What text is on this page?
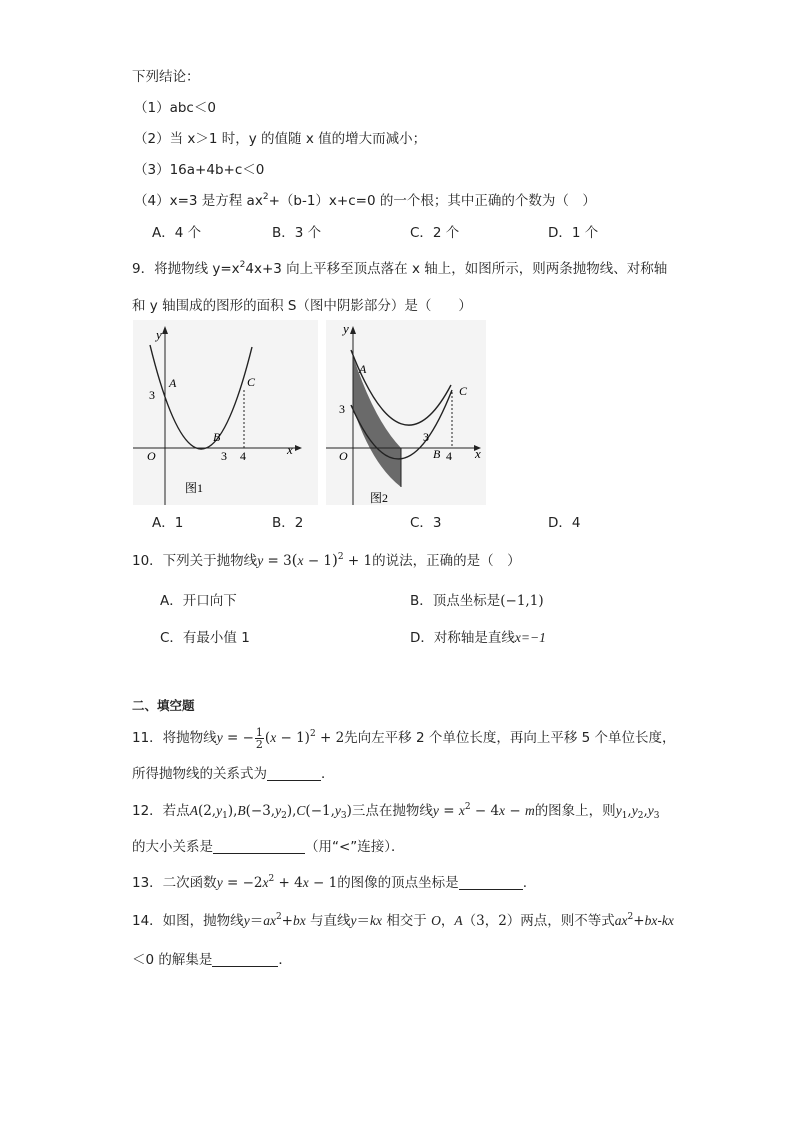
下列结论：
（1）abc＜0
（2）当 x＞1 时，y 的值随 x 值的增大而减小；
（3）16a+4b+c＜0
（4）x=3 是方程 $ax^2+(b-1)x+c=0$ 的一个根；其中正确的个数为（　）
A．4 个	B．3 个	C．2 个	D．1 个
9．将抛物线 $y=x^24x+3$ 向上平移至顶点落在 x 轴上，如图所示，则两条抛物线、对称轴
和 y 轴围成的图形的面积 S（图中阴影部分）是（　　）
y
x
O
3
A
B
C
3 4
图1
y
x
O
3
A
B
C
3
4
图2
A．1	B．2	C．3	D．4
10．下列关于抛物线$y = 3(x - 1)^2 + 1$的说法，正确的是（　）
A．开口向下	B．顶点坐标是(−1,1)
C．有最小值 1	D．对称轴是直线x=−1
二、填空题
11．将抛物线y = − $\frac{1}{2} (x - 1)^2 + 2$先向左平移 2 个单位长度，再向上平移 5 个单位长度，
所得抛物线的关系式为	．
12．若点$A(2,y_1),B(-3,y_2),C(-1,y_3)$三点在抛物线$y = x^2 - 4x - m$的图象上，则$y_1,y_2,y_3$
的大小关系是	（用“<”连接）．
13．二次函数$y = -2x^2 + 4x - 1$的图像的顶点坐标是	.
14．如图，抛物线$y=ax^2+bx$ 与直线y＝kx 相交于 O，A（3，2）两点，则不等式$ax^2+bx-kx$
＜0 的解集是	．
